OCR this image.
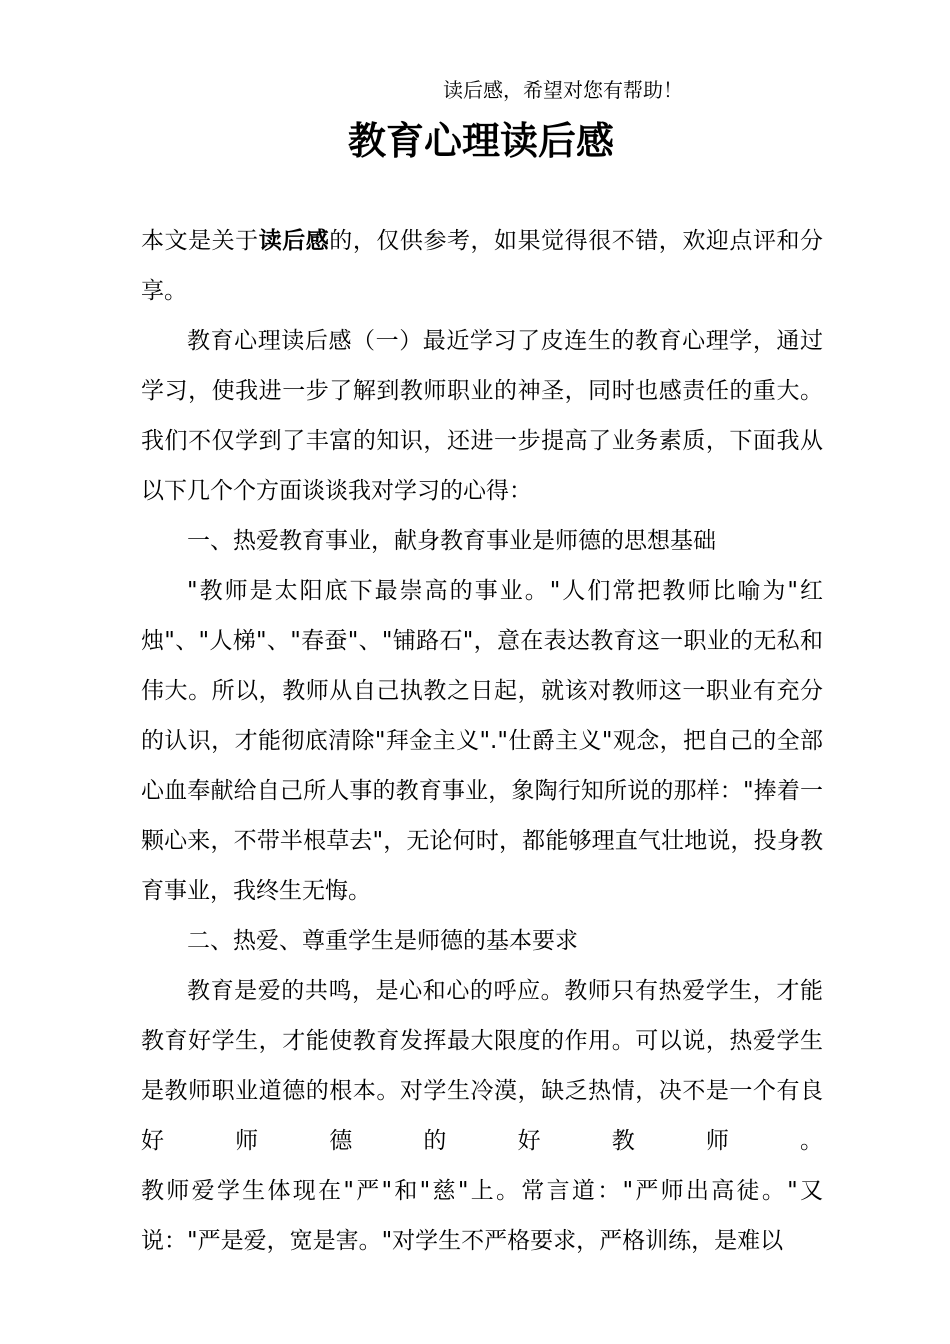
读后感，希望对您有帮助！
教育心理读后感

本文是关于读后感的，仅供参考，如果觉得很不错，欢迎点评和分享。

教育心理读后感（一）最近学习了皮连生的教育心理学，通过学习，使我进一步了解到教师职业的神圣，同时也感责任的重大。我们不仅学到了丰富的知识，还进一步提高了业务素质，下面我从以下几个个方面谈谈我对学习的心得：

一、热爱教育事业，献身教育事业是师德的思想基础

"教师是太阳底下最崇高的事业。"人们常把教师比喻为"红烛"、"人梯"、"春蚕"、"铺路石"，意在表达教育这一职业的无私和伟大。所以，教师从自己执教之日起，就该对教师这一职业有充分的认识，才能彻底清除"拜金主义"."仕爵主义"观念，把自己的全部心血奉献给自己所人事的教育事业，象陶行知所说的那样："捧着一颗心来，不带半根草去"，无论何时，都能够理直气壮地说，投身教育事业，我终生无悔。

二、热爱、尊重学生是师德的基本要求

教育是爱的共鸣，是心和心的呼应。教师只有热爱学生，才能教育好学生，才能使教育发挥最大限度的作用。可以说，热爱学生是教师职业道德的根本。对学生冷漠，缺乏热情，决不是一个有良好师德的好教师。

教师爱学生体现在"严"和"慈"上。常言道："严师出高徒。"又说："严是爱，宽是害。"对学生不严格要求，严格训练，是难以
